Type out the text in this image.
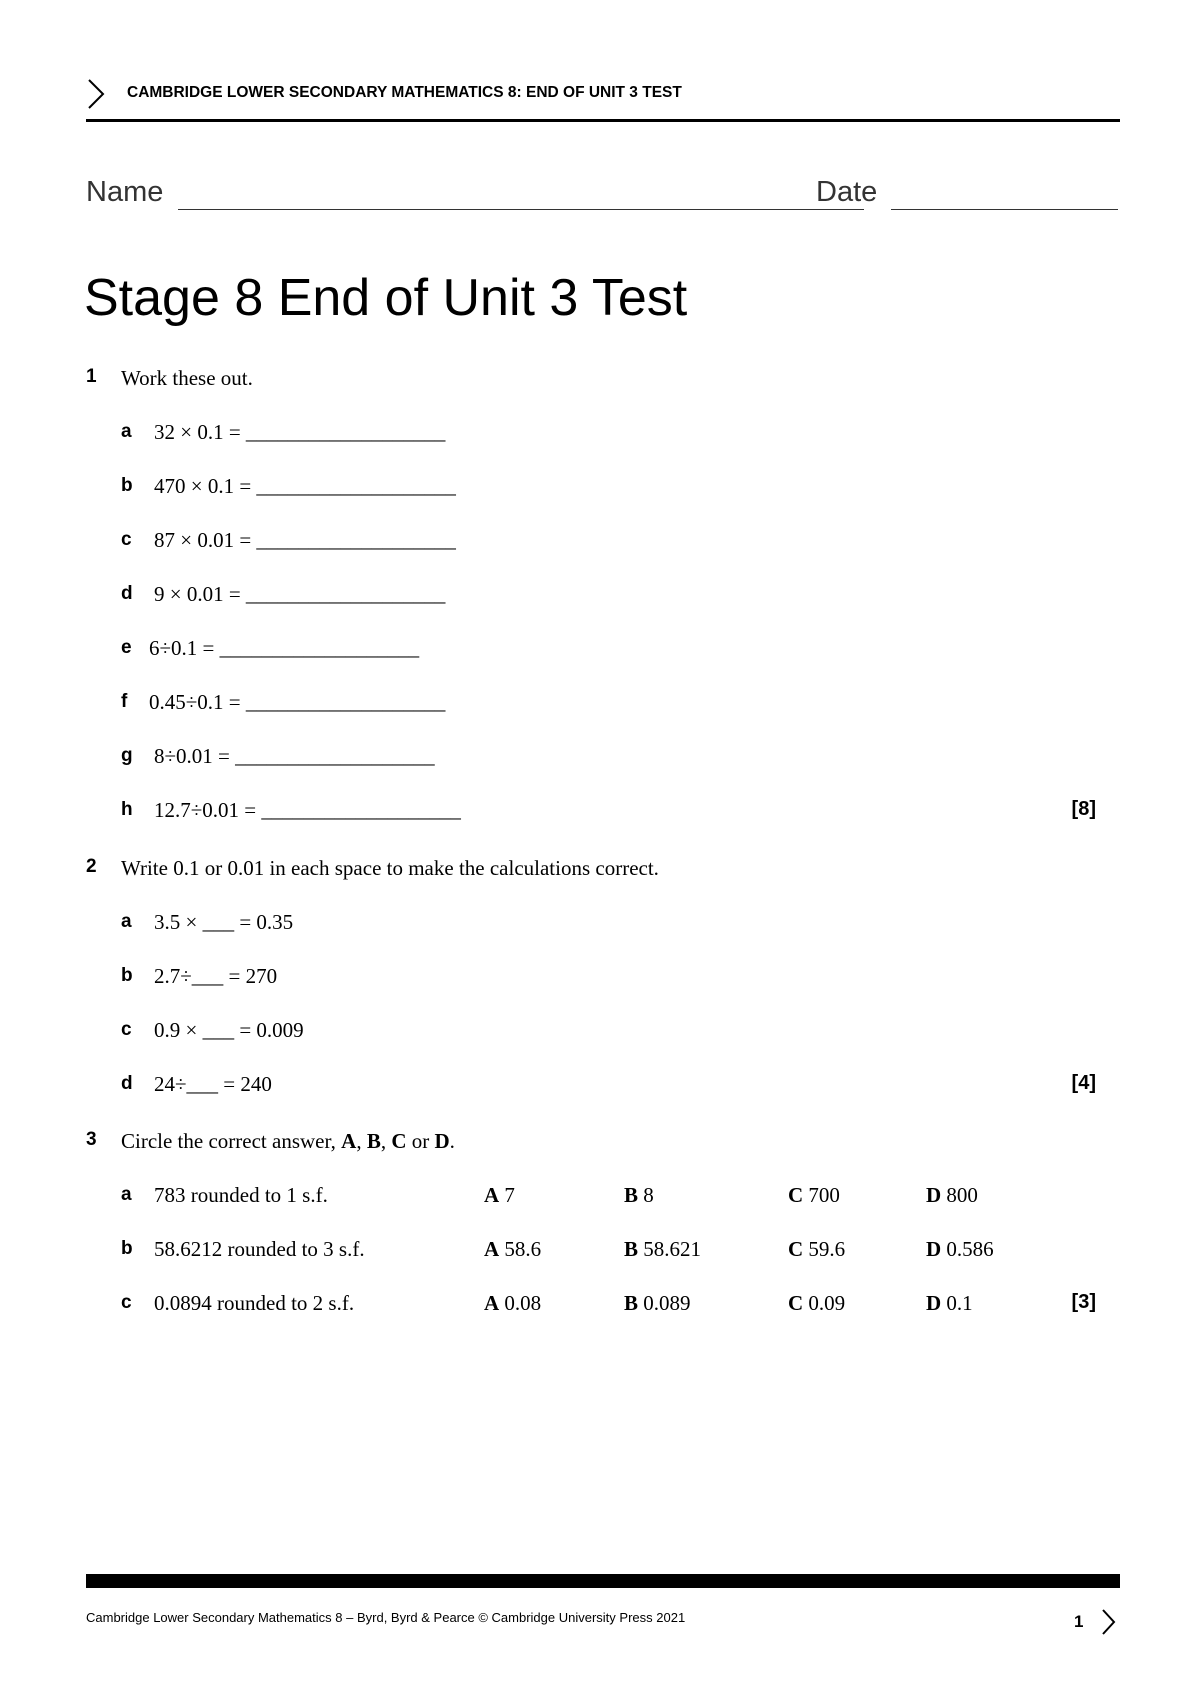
CAMBRIDGE LOWER SECONDARY MATHEMATICS 8: END OF UNIT 3 TEST
Name	Date
Stage 8 End of Unit 3 Test
1 Work these out.
a 32 × 0.1 = ___________________
b 470 × 0.1 = ___________________
c 87 × 0.01 = ___________________
d 9 × 0.01 = ___________________
e 6÷0.1 = ___________________
f 0.45÷0.1 = ___________________
g 8÷0.01 = ___________________
h 12.7÷0.01 = ___________________	[8]
2 Write 0.1 or 0.01 in each space to make the calculations correct.
a 3.5 × ___ = 0.35
b 2.7÷___ = 270
c 0.9 × ___ = 0.009
d 24÷___ = 240	[4]
3 Circle the correct answer, A, B, C or D.
a 783 rounded to 1 s.f.	A 7	B 8	C 700	D 800
b 58.6212 rounded to 3 s.f.	A 58.6	B 58.621	C 59.6	D 0.586
c 0.0894 rounded to 2 s.f.	A 0.08	B 0.089	C 0.09	D 0.1	[3]
Cambridge Lower Secondary Mathematics 8 – Byrd, Byrd & Pearce © Cambridge University Press 2021	1
